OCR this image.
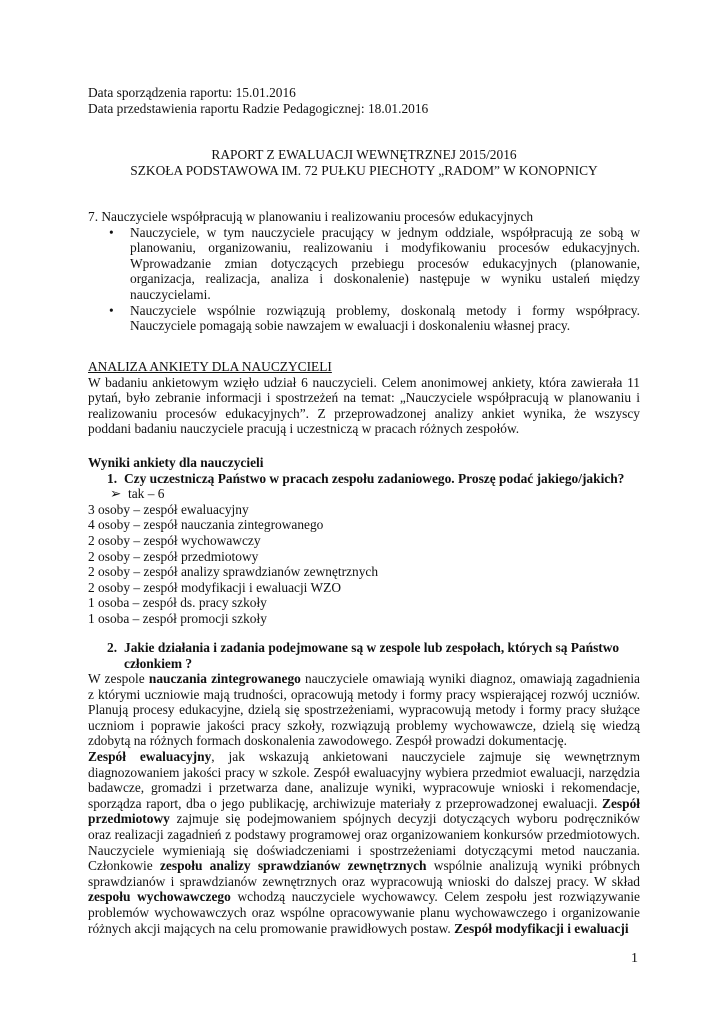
Data sporządzenia raportu: 15.01.2016
Data przedstawienia raportu Radzie Pedagogicznej: 18.01.2016
RAPORT Z EWALUACJI WEWNĘTRZNEJ 2015/2016
SZKOŁA PODSTAWOWA IM. 72 PUŁKU PIECHOTY „RADOM” W KONOPNICY
7. Nauczyciele współpracują w planowaniu i realizowaniu procesów edukacyjnych
• Nauczyciele, w tym nauczyciele pracujący w jednym oddziale, współpracują ze sobą w planowaniu, organizowaniu, realizowaniu i modyfikowaniu procesów edukacyjnych. Wprowadzanie zmian dotyczących przebiegu procesów edukacyjnych (planowanie, organizacja, realizacja, analiza i doskonalenie) następuje w wyniku ustaleń między nauczycielami.
• Nauczyciele wspólnie rozwiązują problemy, doskonalą metody i formy współpracy. Nauczyciele pomagają sobie nawzajem w ewaluacji i doskonaleniu własnej pracy.
ANALIZA ANKIETY DLA NAUCZYCIELI
W badaniu ankietowym wzięło udział 6 nauczycieli. Celem anonimowej ankiety, która zawierała 11 pytań, było zebranie informacji i spostrzeżeń na temat: „Nauczyciele współpracują w planowaniu i realizowaniu procesów edukacyjnych”. Z przeprowadzonej analizy ankiet wynika, że wszyscy poddani badaniu nauczyciele pracują i uczestniczą w pracach różnych zespołów.
Wyniki ankiety dla nauczycieli
1. Czy uczestniczą Państwo w pracach zespołu zadaniowego. Proszę podać jakiego/jakich?
➢ tak – 6
3 osoby – zespół ewaluacyjny
4 osoby – zespół nauczania zintegrowanego
2 osoby – zespół wychowawczy
2 osoby – zespół przedmiotowy
2 osoby – zespół analizy sprawdzianów zewnętrznych
2 osoby – zespół modyfikacji i ewaluacji WZO
1 osoba – zespół ds. pracy szkoły
1 osoba – zespół promocji szkoły
2. Jakie działania i zadania podejmowane są w zespole lub zespołach, których są Państwo członkiem ?
W zespole nauczania zintegrowanego nauczyciele omawiają wyniki diagnoz, omawiają zagadnienia z którymi uczniowie mają trudności, opracowują metody i formy pracy wspierającej rozwój uczniów. Planują procesy edukacyjne, dzielą się spostrzeżeniami, wypracowują metody i formy pracy służące uczniom i poprawie jakości pracy szkoły, rozwiązują problemy wychowawcze, dzielą się wiedzą zdobytą na różnych formach doskonalenia zawodowego. Zespół prowadzi dokumentację.
Zespół ewaluacyjny, jak wskazują ankietowani nauczyciele zajmuje się wewnętrznym diagnozowaniem jakości pracy w szkole. Zespół ewaluacyjny wybiera przedmiot ewaluacji, narzędzia badawcze, gromadzi i przetwarza dane, analizuje wyniki, wypracowuje wnioski i rekomendacje, sporządza raport, dba o jego publikację, archiwizuje materiały z przeprowadzonej ewaluacji. Zespół przedmiotowy zajmuje się podejmowaniem spójnych decyzji dotyczących wyboru podręczników oraz realizacji zagadnień z podstawy programowej oraz organizowaniem konkursów przedmiotowych. Nauczyciele wymieniają się doświadczeniami i spostrzeżeniami dotyczącymi metod nauczania. Członkowie zespołu analizy sprawdzianów zewnętrznych wspólnie analizują wyniki próbnych sprawdzianów i sprawdzianów zewnętrznych oraz wypracowują wnioski do dalszej pracy. W skład zespołu wychowawczego wchodzą nauczyciele wychowawcy. Celem zespołu jest rozwiązywanie problemów wychowawczych oraz wspólne opracowywanie planu wychowawczego i organizowanie różnych akcji mających na celu promowanie prawidłowych postaw. Zespół modyfikacji i ewaluacji
1
